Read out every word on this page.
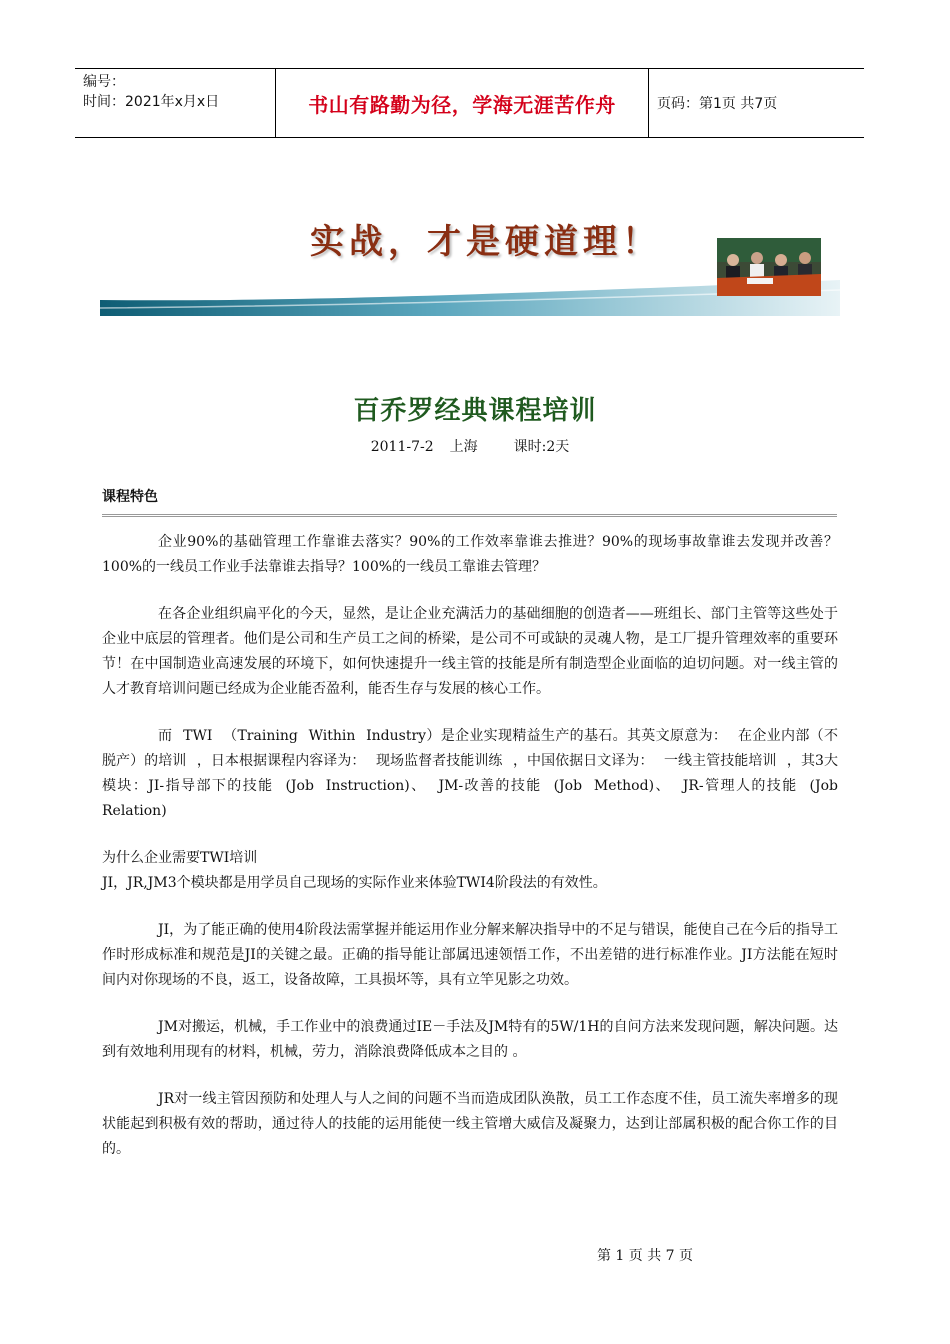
编号：
时间：2021年x月x日	书山有路勤为径，学海无涯苦作舟	页码：第1页 共7页
实战，才是硬道理！
百乔罗经典课程培训
2011-7-2 上海	课时:2天
课程特色

企业90%的基础管理工作靠谁去落实？90%的工作效率靠谁去推进？90%的现场事故靠谁去发现并改善？100%的一线员工作业手法靠谁去指导？100%的一线员工靠谁去管理？

在各企业组织扁平化的今天，显然，是让企业充满活力的基础细胞的创造者——班组长、部门主管等这些处于企业中底层的管理者。他们是公司和生产员工之间的桥梁，是公司不可或缺的灵魂人物，是工厂提升管理效率的重要环节！在中国制造业高速发展的环境下，如何快速提升一线主管的技能是所有制造型企业面临的迫切问题。对一线主管的人才教育培训问题已经成为企业能否盈利，能否生存与发展的核心工作。

而 TWI （Training Within Industry）是企业实现精益生产的基石。其英文原意为： 在企业内部（不脱产）的培训 ，日本根据课程内容译为： 现场监督者技能训练 ，中国依据日文译为： 一线主管技能培训 ，其3大模块：JI-指导部下的技能 (Job Instruction)、 JM-改善的技能 (Job Method)、 JR-管理人的技能 (Job Relation)

为什么企业需要TWI培训

JI，JR,JM3个模块都是用学员自己现场的实际作业来体验TWI4阶段法的有效性。

JI，为了能正确的使用4阶段法需掌握并能运用作业分解来解决指导中的不足与错误，能使自己在今后的指导工作时形成标准和规范是JI的关键之最。正确的指导能让部属迅速领悟工作，不出差错的进行标准作业。JI方法能在短时间内对你现场的不良，返工，设备故障，工具损坏等，具有立竿见影之功效。

JM对搬运，机械，手工作业中的浪费通过IE－手法及JM特有的5W/1H的自问方法来发现问题，解决问题。达到有效地利用现有的材料，机械，劳力，消除浪费降低成本之目的 。

JR对一线主管因预防和处理人与人之间的问题不当而造成团队涣散，员工工作态度不佳，员工流失率增多的现状能起到积极有效的帮助，通过待人的技能的运用能使一线主管增大威信及凝聚力，达到让部属积极的配合你工作的目的。

第 1 页 共 7 页
